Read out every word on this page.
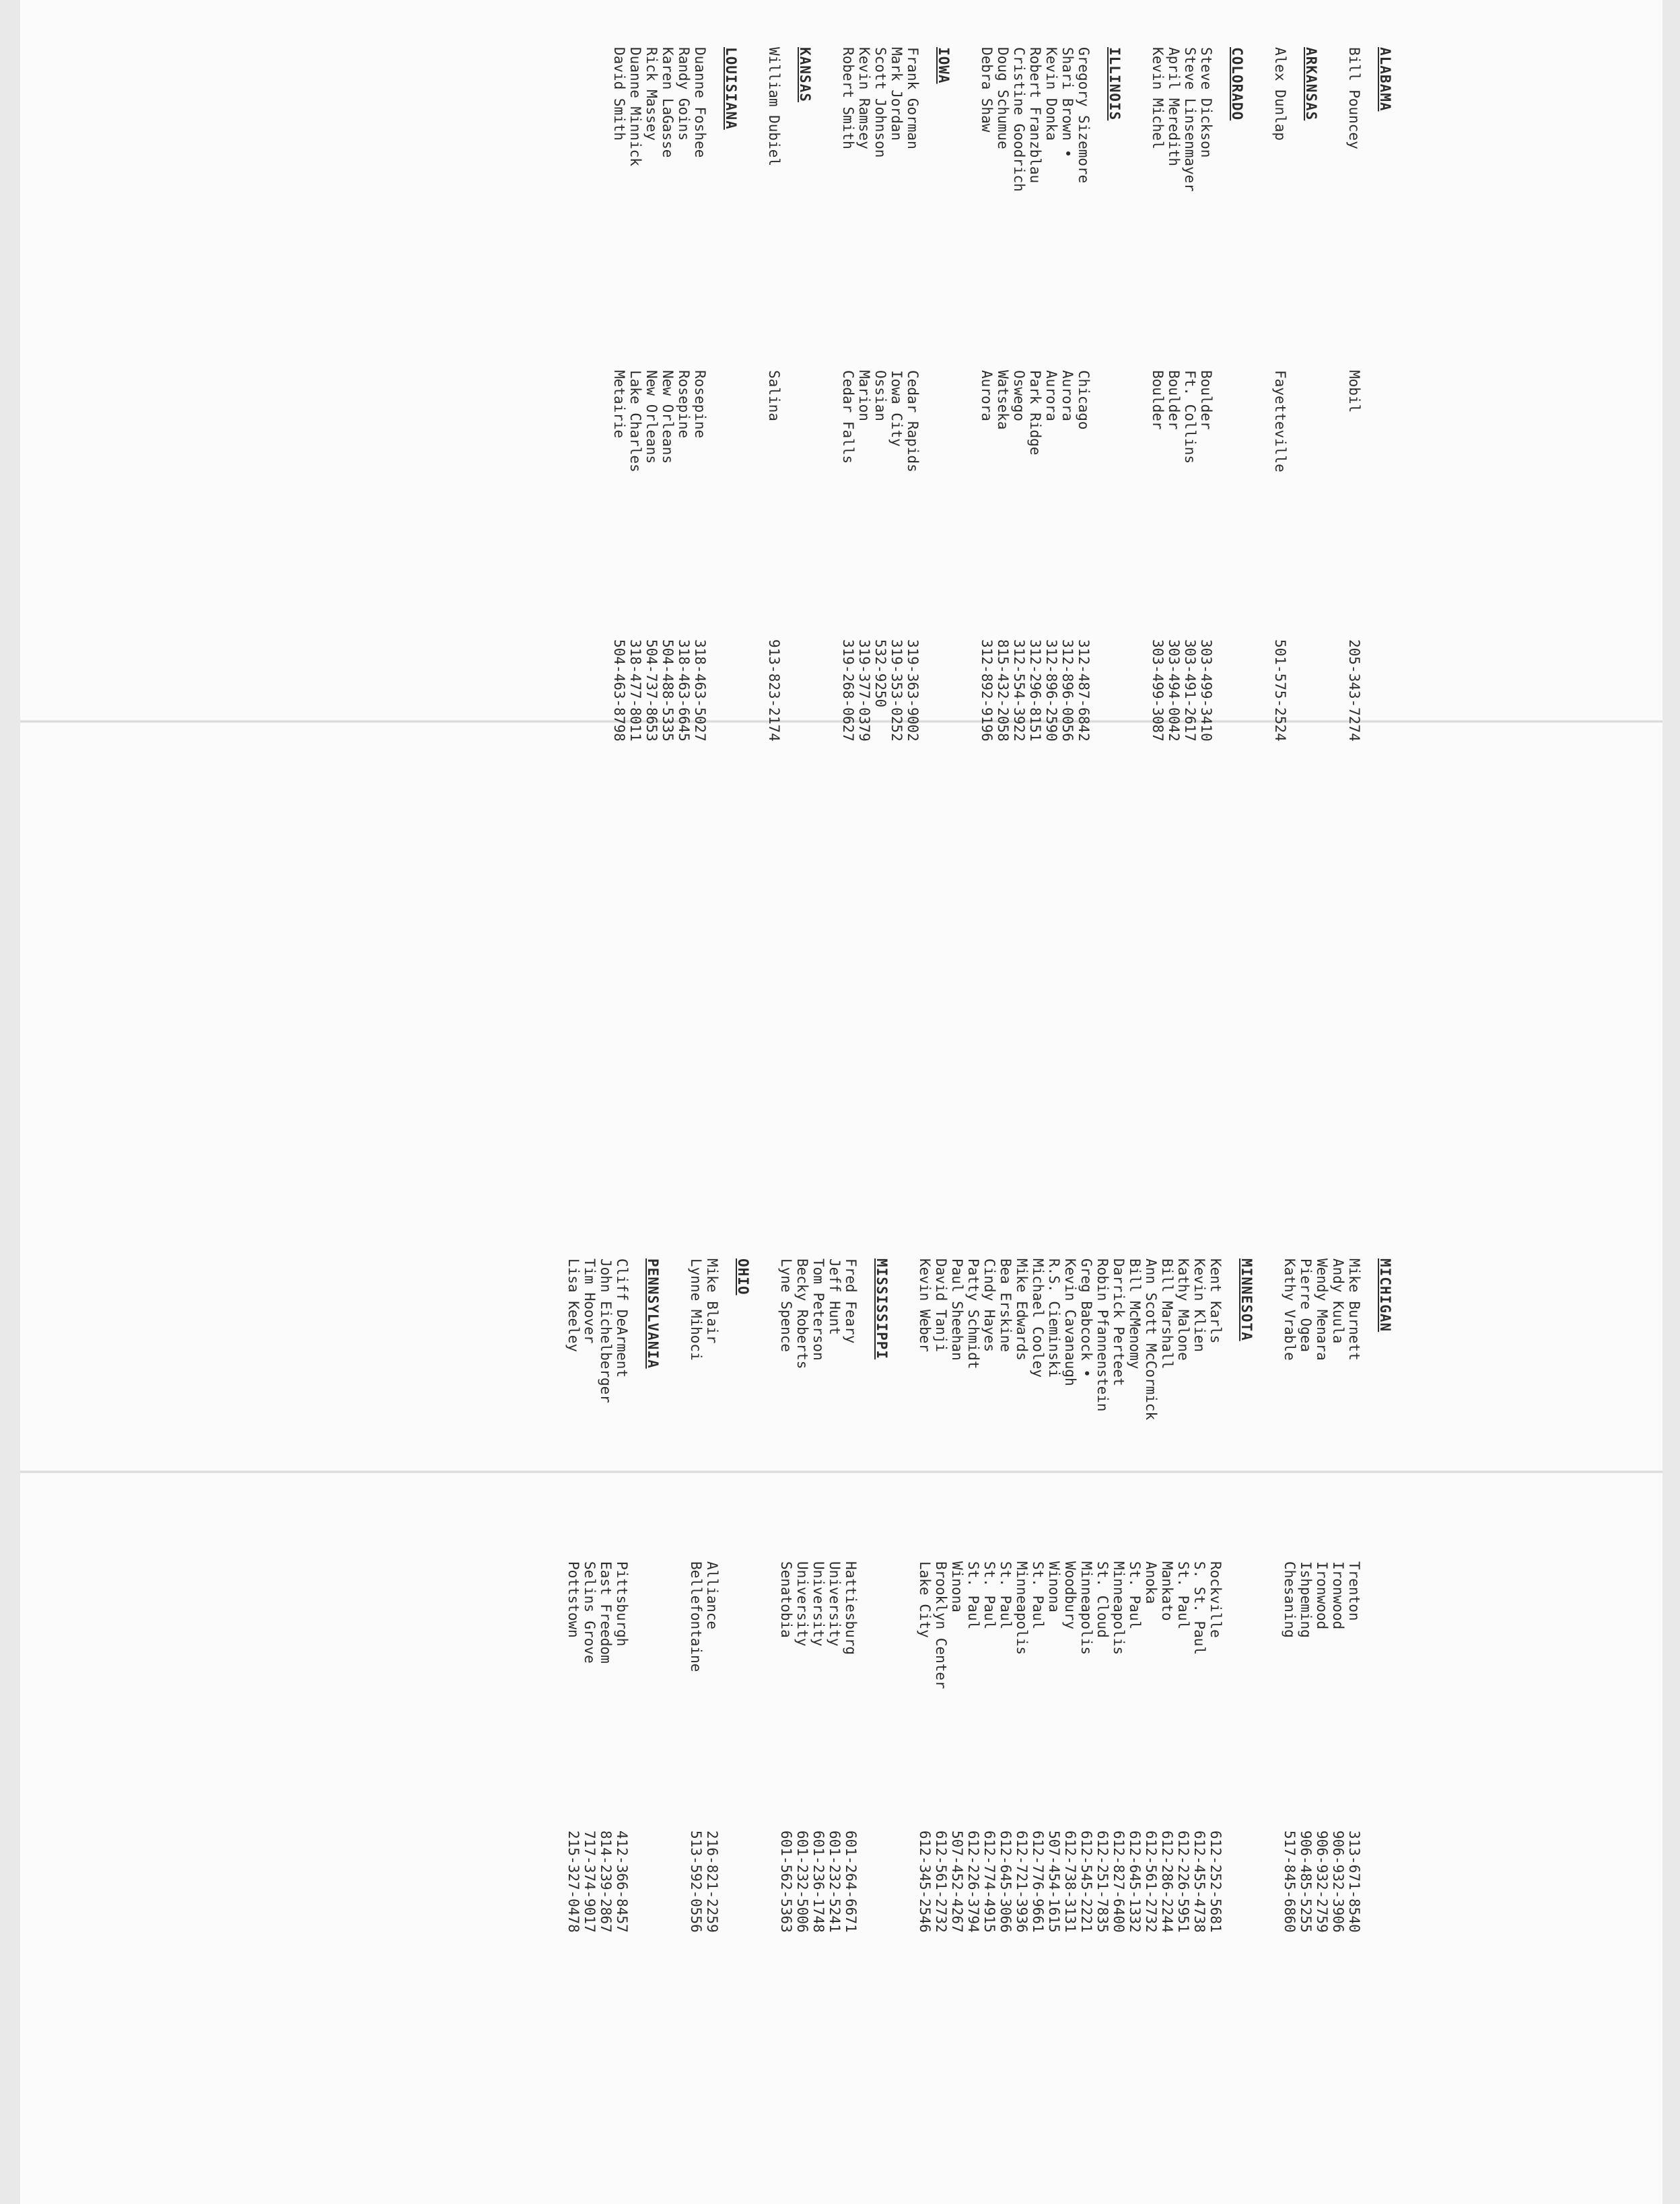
ALABAMA
Bill Pouncey
Mobil
205-343-7274
ARKANSAS
Alex Dunlap
Fayetteville
501-575-2524
COLORADO
Steve Dickson
Boulder
303-499-3410
Steve Linsenmayer
Ft. Collins
303-491-2617
April Meredith
Boulder
303-494-0042
Kevin Michel
Boulder
303-499-3087
ILLINOIS
Gregory Sizemore
Chicago
312-487-6842
Shari Brown •
Aurora
312-896-0056
Kevin Donka
Aurora
312-896-2590
Robert Franzblau
Park Ridge
312-296-8151
Cristine Goodrich
Oswego
312-554-3922
Doug Schumue
Watseka
815-432-2058
Debra Shaw
Aurora
312-892-9196
IOWA
Frank Gorman
Cedar Rapids
319-363-9002
Mark Jordan
Iowa City
319-353-0252
Scott Johnson
Ossian
532-9250
Kevin Ramsey
Marion
319-377-0379
Robert Smith
Cedar Falls
319-268-0627
KANSAS
William Dubiel
Salina
913-823-2174
LOUISIANA
Duanne Foshee
Rosepine
318-463-5027
Randy Goins
Rosepine
318-463-6645
Karen LaGasse
New Orleans
504-488-5335
Rick Massey
New Orleans
504-737-8653
Duanne Minnick
Lake Charles
318-477-8011
David Smith
Metairie
504-463-8798
MICHIGAN
Mike Burnett
Trenton
313-671-8540
Andy Kuula
Ironwood
906-932-3906
Wendy Menara
Ironwood
906-932-2759
Pierre Ogea
Ishpeming
906-485-5255
Kathy Vrable
Chesaning
517-845-6860
MINNESOTA
Kent Karls
Rockville
612-252-5681
Kevin Klien
S. St. Paul
612-455-4738
Kathy Malone
St. Paul
612-226-5951
Bill Marshall
Mankato
612-286-2244
Ann Scott McCormick
Anoka
612-561-2732
Bill McMenomy
St. Paul
612-645-1332
Darrick Perteet
Minneapolis
612-827-6400
Robin Pfannenstein
St. Cloud
612-251-7835
Greg Babcock •
Minneapolis
612-545-2221
Kevin Cavanaugh
Woodbury
612-738-3131
R.S. Cieminski
Winona
507-454-1615
Michael Cooley
St. Paul
612-776-9661
Mike Edwards
Minneapolis
612-721-3936
Bea Erskine
St. Paul
612-645-3066
Cindy Hayes
St. Paul
612-774-4915
Patty Schmidt
St. Paul
612-226-3794
Paul Sheehan
Winona
507-452-4267
David Tanji
Brooklyn Center
612-561-2732
Kevin Weber
Lake City
612-345-2546
MISSISSIPPI
Fred Feary
Hattiesburg
601-264-6671
Jeff Hunt
University
601-232-5241
Tom Peterson
University
601-236-1748
Becky Roberts
University
601-232-5006
Lyne Spence
Senatobia
601-562-5363
OHIO
Mike Blair
Alliance
216-821-2259
Lynne Mihoci
Bellefontaine
513-592-0556
PENNSYLVANIA
Cliff DeArment
Pittsburgh
412-366-8457
John Eichelberger
East Freedom
814-239-2867
Tim Hoover
Selins Grove
717-374-9017
Lisa Keeley
Pottstown
215-327-0478
